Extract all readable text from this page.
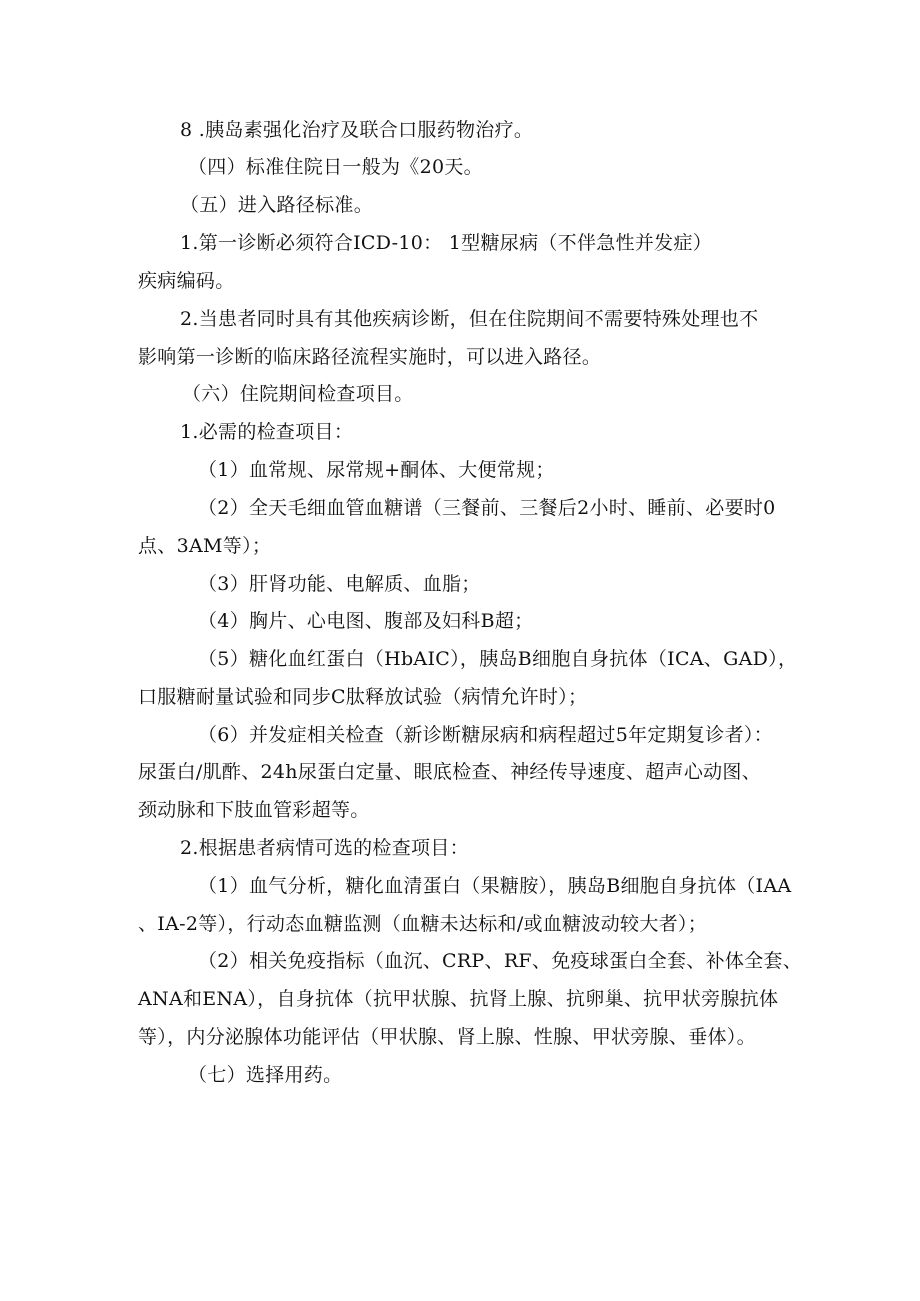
8 .胰岛素强化治疗及联合口服药物治疗。
（四）标准住院日一般为《20天。
（五）进入路径标准。
1.第一诊断必须符合ICD-10： 1型糖尿病（不伴急性并发症）
疾病编码。
2.当患者同时具有其他疾病诊断，但在住院期间不需要特殊处理也不
影响第一诊断的临床路径流程实施时，可以进入路径。
（六）住院期间检查项目。
1.必需的检查项目：
（1）血常规、尿常规+酮体、大便常规；
（2）全天毛细血管血糖谱（三餐前、三餐后2小时、睡前、必要时0
点、3AM等）；
（3）肝肾功能、电解质、血脂；
（4）胸片、心电图、腹部及妇科B超；
（5）糖化血红蛋白（HbAIC），胰岛B细胞自身抗体（ICA、GAD），
口服糖耐量试验和同步C肽释放试验（病情允许时）；
（6）并发症相关检查（新诊断糖尿病和病程超过5年定期复诊者）：
尿蛋白/肌酢、24h尿蛋白定量、眼底检查、神经传导速度、超声心动图、
颈动脉和下肢血管彩超等。
2.根据患者病情可选的检查项目：
（1）血气分析，糖化血清蛋白（果糖胺），胰岛B细胞自身抗体（IAA
、IA-2等），行动态血糖监测（血糖未达标和/或血糖波动较大者）；
（2）相关免疫指标（血沉、CRP、RF、免疫球蛋白全套、补体全套、
ANA和ENA），自身抗体（抗甲状腺、抗肾上腺、抗卵巢、抗甲状旁腺抗体
等），内分泌腺体功能评估（甲状腺、肾上腺、性腺、甲状旁腺、垂体）。
（七）选择用药。
